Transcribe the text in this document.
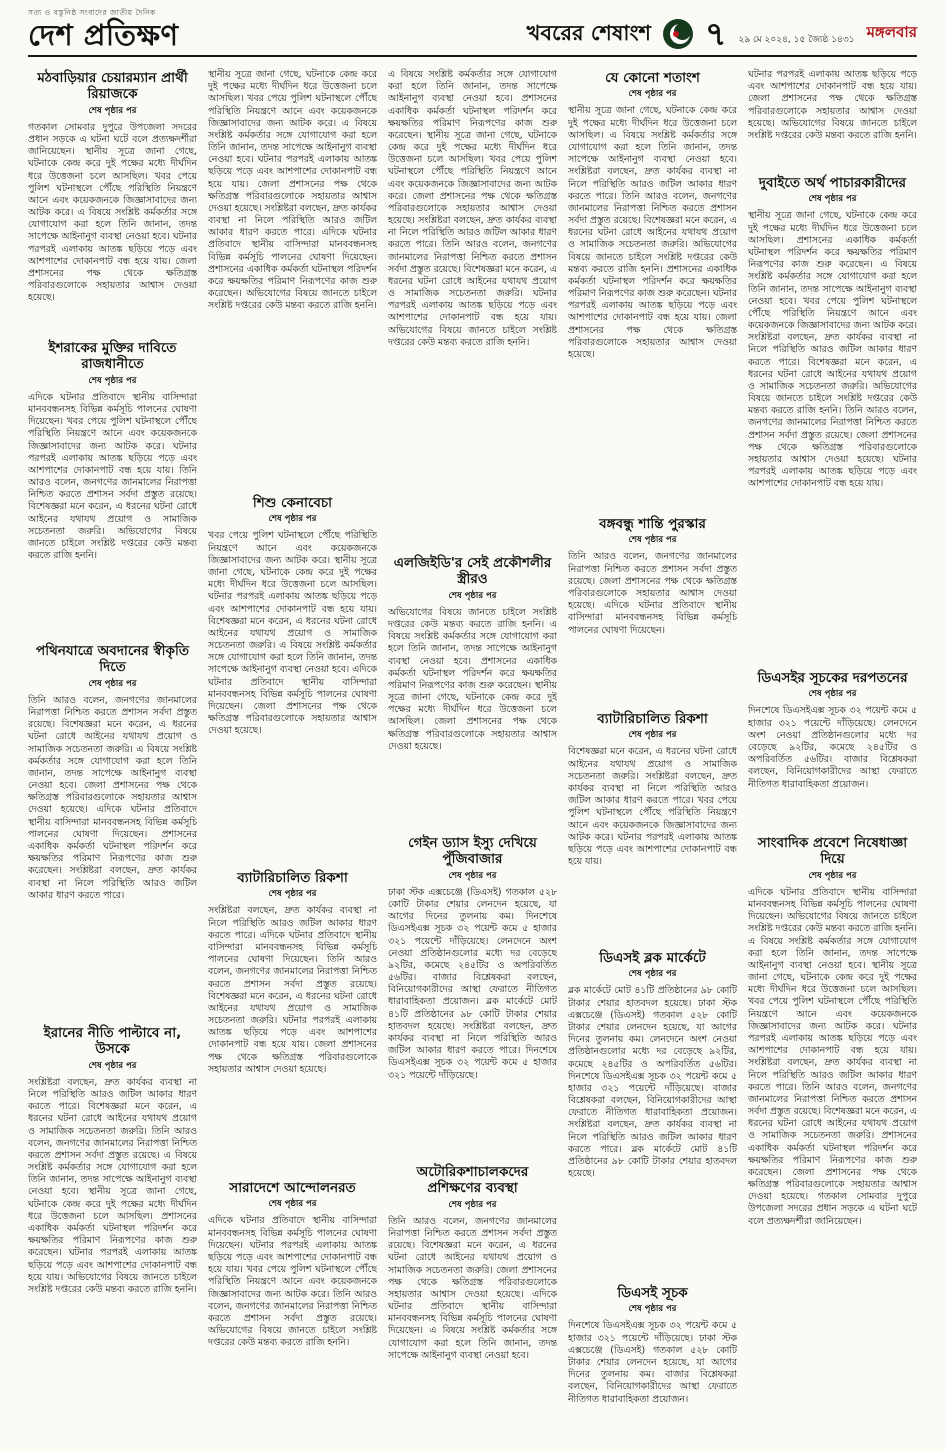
সত্য ও বস্তুনিষ্ঠ সংবাদের জাতীয় দৈনিক
দেশ প্রতিক্ষণ	খবরের শেষাংশ ৭ ২৯ মে ২০২৪, ১৫ জ্যৈষ্ঠ ১৪৩১ মঙ্গলবার
মঠবাড়িয়ার চেয়ারম্যান প্রার্থী রিয়াজকে
শেষ পৃষ্ঠার পর

গতকাল সোমবার দুপুরে উপজেলা সদরের প্রধান সড়কে এ ঘটনা ঘটে বলে প্রত্যক্ষদর্শীরা জানিয়েছেন। স্থানীয় সূত্রে জানা গেছে, ঘটনাকে কেন্দ্র করে দুই পক্ষের মধ্যে দীর্ঘদিন ধরে উত্তেজনা চলে আসছিল। খবর পেয়ে পুলিশ ঘটনাস্থলে পৌঁছে পরিস্থিতি নিয়ন্ত্রণে আনে এবং কয়েকজনকে জিজ্ঞাসাবাদের জন্য আটক করে। এ বিষয়ে সংশ্লিষ্ট কর্মকর্তার সঙ্গে যোগাযোগ করা হলে তিনি জানান, তদন্ত সাপেক্ষে আইনানুগ ব্যবস্থা নেওয়া হবে। ঘটনার পরপরই এলাকায় আতঙ্ক ছড়িয়ে পড়ে এবং আশপাশের দোকানপাট বন্ধ হয়ে যায়। জেলা প্রশাসনের পক্ষ থেকে ক্ষতিগ্রস্ত পরিবারগুলোকে সহায়তার আশ্বাস দেওয়া হয়েছে।

ইশরাকের মুক্তির দাবিতে রাজধানীতে
শেষ পৃষ্ঠার পর

এদিকে ঘটনার প্রতিবাদে স্থানীয় বাসিন্দারা মানববন্ধনসহ বিভিন্ন কর্মসূচি পালনের ঘোষণা দিয়েছেন। খবর পেয়ে পুলিশ ঘটনাস্থলে পৌঁছে পরিস্থিতি নিয়ন্ত্রণে আনে এবং কয়েকজনকে জিজ্ঞাসাবাদের জন্য আটক করে। ঘটনার পরপরই এলাকায় আতঙ্ক ছড়িয়ে পড়ে এবং আশপাশের দোকানপাট বন্ধ হয়ে যায়। তিনি আরও বলেন, জনগণের জানমালের নিরাপত্তা নিশ্চিত করতে প্রশাসন সর্বদা প্রস্তুত রয়েছে। বিশেষজ্ঞরা মনে করেন, এ ধরনের ঘটনা রোধে আইনের যথাযথ প্রয়োগ ও সামাজিক সচেতনতা জরুরি। অভিযোগের বিষয়ে জানতে চাইলে সংশ্লিষ্ট দপ্তরের কেউ মন্তব্য করতে রাজি হননি।

পথিনযাত্রে অবদানের স্বীকৃতি দিতে
শেষ পৃষ্ঠার পর

তিনি আরও বলেন, জনগণের জানমালের নিরাপত্তা নিশ্চিত করতে প্রশাসন সর্বদা প্রস্তুত রয়েছে। বিশেষজ্ঞরা মনে করেন, এ ধরনের ঘটনা রোধে আইনের যথাযথ প্রয়োগ ও সামাজিক সচেতনতা জরুরি। এ বিষয়ে সংশ্লিষ্ট কর্মকর্তার সঙ্গে যোগাযোগ করা হলে তিনি জানান, তদন্ত সাপেক্ষে আইনানুগ ব্যবস্থা নেওয়া হবে। জেলা প্রশাসনের পক্ষ থেকে ক্ষতিগ্রস্ত পরিবারগুলোকে সহায়তার আশ্বাস দেওয়া হয়েছে। এদিকে ঘটনার প্রতিবাদে স্থানীয় বাসিন্দারা মানববন্ধনসহ বিভিন্ন কর্মসূচি পালনের ঘোষণা দিয়েছেন। প্রশাসনের একাধিক কর্মকর্তা ঘটনাস্থল পরিদর্শন করে ক্ষয়ক্ষতির পরিমাণ নিরূপণের কাজ শুরু করেছেন। সংশ্লিষ্টরা বলছেন, দ্রুত কার্যকর ব্যবস্থা না নিলে পরিস্থিতি আরও জটিল আকার ধারণ করতে পারে।

ইরানের নীতি পাল্টাবে না, উসকে
শেষ পৃষ্ঠার পর

সংশ্লিষ্টরা বলছেন, দ্রুত কার্যকর ব্যবস্থা না নিলে পরিস্থিতি আরও জটিল আকার ধারণ করতে পারে। বিশেষজ্ঞরা মনে করেন, এ ধরনের ঘটনা রোধে আইনের যথাযথ প্রয়োগ ও সামাজিক সচেতনতা জরুরি। তিনি আরও বলেন, জনগণের জানমালের নিরাপত্তা নিশ্চিত করতে প্রশাসন সর্বদা প্রস্তুত রয়েছে। এ বিষয়ে সংশ্লিষ্ট কর্মকর্তার সঙ্গে যোগাযোগ করা হলে তিনি জানান, তদন্ত সাপেক্ষে আইনানুগ ব্যবস্থা নেওয়া হবে। স্থানীয় সূত্রে জানা গেছে, ঘটনাকে কেন্দ্র করে দুই পক্ষের মধ্যে দীর্ঘদিন ধরে উত্তেজনা চলে আসছিল। প্রশাসনের একাধিক কর্মকর্তা ঘটনাস্থল পরিদর্শন করে ক্ষয়ক্ষতির পরিমাণ নিরূপণের কাজ শুরু করেছেন। ঘটনার পরপরই এলাকায় আতঙ্ক ছড়িয়ে পড়ে এবং আশপাশের দোকানপাট বন্ধ হয়ে যায়। অভিযোগের বিষয়ে জানতে চাইলে সংশ্লিষ্ট দপ্তরের কেউ মন্তব্য করতে রাজি হননি।

স্থানীয় সূত্রে জানা গেছে, ঘটনাকে কেন্দ্র করে দুই পক্ষের মধ্যে দীর্ঘদিন ধরে উত্তেজনা চলে আসছিল। খবর পেয়ে পুলিশ ঘটনাস্থলে পৌঁছে পরিস্থিতি নিয়ন্ত্রণে আনে এবং কয়েকজনকে জিজ্ঞাসাবাদের জন্য আটক করে। এ বিষয়ে সংশ্লিষ্ট কর্মকর্তার সঙ্গে যোগাযোগ করা হলে তিনি জানান, তদন্ত সাপেক্ষে আইনানুগ ব্যবস্থা নেওয়া হবে। ঘটনার পরপরই এলাকায় আতঙ্ক ছড়িয়ে পড়ে এবং আশপাশের দোকানপাট বন্ধ হয়ে যায়। জেলা প্রশাসনের পক্ষ থেকে ক্ষতিগ্রস্ত পরিবারগুলোকে সহায়তার আশ্বাস দেওয়া হয়েছে। সংশ্লিষ্টরা বলছেন, দ্রুত কার্যকর ব্যবস্থা না নিলে পরিস্থিতি আরও জটিল আকার ধারণ করতে পারে। এদিকে ঘটনার প্রতিবাদে স্থানীয় বাসিন্দারা মানববন্ধনসহ বিভিন্ন কর্মসূচি পালনের ঘোষণা দিয়েছেন। প্রশাসনের একাধিক কর্মকর্তা ঘটনাস্থল পরিদর্শন করে ক্ষয়ক্ষতির পরিমাণ নিরূপণের কাজ শুরু করেছেন। অভিযোগের বিষয়ে জানতে চাইলে সংশ্লিষ্ট দপ্তরের কেউ মন্তব্য করতে রাজি হননি।

শিশু কেনাবেচা
শেষ পৃষ্ঠার পর

খবর পেয়ে পুলিশ ঘটনাস্থলে পৌঁছে পরিস্থিতি নিয়ন্ত্রণে আনে এবং কয়েকজনকে জিজ্ঞাসাবাদের জন্য আটক করে। স্থানীয় সূত্রে জানা গেছে, ঘটনাকে কেন্দ্র করে দুই পক্ষের মধ্যে দীর্ঘদিন ধরে উত্তেজনা চলে আসছিল। ঘটনার পরপরই এলাকায় আতঙ্ক ছড়িয়ে পড়ে এবং আশপাশের দোকানপাট বন্ধ হয়ে যায়। বিশেষজ্ঞরা মনে করেন, এ ধরনের ঘটনা রোধে আইনের যথাযথ প্রয়োগ ও সামাজিক সচেতনতা জরুরি। এ বিষয়ে সংশ্লিষ্ট কর্মকর্তার সঙ্গে যোগাযোগ করা হলে তিনি জানান, তদন্ত সাপেক্ষে আইনানুগ ব্যবস্থা নেওয়া হবে। এদিকে ঘটনার প্রতিবাদে স্থানীয় বাসিন্দারা মানববন্ধনসহ বিভিন্ন কর্মসূচি পালনের ঘোষণা দিয়েছেন। জেলা প্রশাসনের পক্ষ থেকে ক্ষতিগ্রস্ত পরিবারগুলোকে সহায়তার আশ্বাস দেওয়া হয়েছে।

ব্যাটারিচালিত রিকশা
শেষ পৃষ্ঠার পর

সংশ্লিষ্টরা বলছেন, দ্রুত কার্যকর ব্যবস্থা না নিলে পরিস্থিতি আরও জটিল আকার ধারণ করতে পারে। এদিকে ঘটনার প্রতিবাদে স্থানীয় বাসিন্দারা মানববন্ধনসহ বিভিন্ন কর্মসূচি পালনের ঘোষণা দিয়েছেন। তিনি আরও বলেন, জনগণের জানমালের নিরাপত্তা নিশ্চিত করতে প্রশাসন সর্বদা প্রস্তুত রয়েছে। বিশেষজ্ঞরা মনে করেন, এ ধরনের ঘটনা রোধে আইনের যথাযথ প্রয়োগ ও সামাজিক সচেতনতা জরুরি। ঘটনার পরপরই এলাকায় আতঙ্ক ছড়িয়ে পড়ে এবং আশপাশের দোকানপাট বন্ধ হয়ে যায়। জেলা প্রশাসনের পক্ষ থেকে ক্ষতিগ্রস্ত পরিবারগুলোকে সহায়তার আশ্বাস দেওয়া হয়েছে।

সারাদেশে আন্দোলনরত
শেষ পৃষ্ঠার পর

এদিকে ঘটনার প্রতিবাদে স্থানীয় বাসিন্দারা মানববন্ধনসহ বিভিন্ন কর্মসূচি পালনের ঘোষণা দিয়েছেন। ঘটনার পরপরই এলাকায় আতঙ্ক ছড়িয়ে পড়ে এবং আশপাশের দোকানপাট বন্ধ হয়ে যায়। খবর পেয়ে পুলিশ ঘটনাস্থলে পৌঁছে পরিস্থিতি নিয়ন্ত্রণে আনে এবং কয়েকজনকে জিজ্ঞাসাবাদের জন্য আটক করে। তিনি আরও বলেন, জনগণের জানমালের নিরাপত্তা নিশ্চিত করতে প্রশাসন সর্বদা প্রস্তুত রয়েছে। অভিযোগের বিষয়ে জানতে চাইলে সংশ্লিষ্ট দপ্তরের কেউ মন্তব্য করতে রাজি হননি।

এ বিষয়ে সংশ্লিষ্ট কর্মকর্তার সঙ্গে যোগাযোগ করা হলে তিনি জানান, তদন্ত সাপেক্ষে আইনানুগ ব্যবস্থা নেওয়া হবে। প্রশাসনের একাধিক কর্মকর্তা ঘটনাস্থল পরিদর্শন করে ক্ষয়ক্ষতির পরিমাণ নিরূপণের কাজ শুরু করেছেন। স্থানীয় সূত্রে জানা গেছে, ঘটনাকে কেন্দ্র করে দুই পক্ষের মধ্যে দীর্ঘদিন ধরে উত্তেজনা চলে আসছিল। খবর পেয়ে পুলিশ ঘটনাস্থলে পৌঁছে পরিস্থিতি নিয়ন্ত্রণে আনে এবং কয়েকজনকে জিজ্ঞাসাবাদের জন্য আটক করে। জেলা প্রশাসনের পক্ষ থেকে ক্ষতিগ্রস্ত পরিবারগুলোকে সহায়তার আশ্বাস দেওয়া হয়েছে। সংশ্লিষ্টরা বলছেন, দ্রুত কার্যকর ব্যবস্থা না নিলে পরিস্থিতি আরও জটিল আকার ধারণ করতে পারে। তিনি আরও বলেন, জনগণের জানমালের নিরাপত্তা নিশ্চিত করতে প্রশাসন সর্বদা প্রস্তুত রয়েছে। বিশেষজ্ঞরা মনে করেন, এ ধরনের ঘটনা রোধে আইনের যথাযথ প্রয়োগ ও সামাজিক সচেতনতা জরুরি। ঘটনার পরপরই এলাকায় আতঙ্ক ছড়িয়ে পড়ে এবং আশপাশের দোকানপাট বন্ধ হয়ে যায়। অভিযোগের বিষয়ে জানতে চাইলে সংশ্লিষ্ট দপ্তরের কেউ মন্তব্য করতে রাজি হননি।

এলজিইডি'র সেই প্রকৌশলীর স্ত্রীরও
শেষ পৃষ্ঠার পর

অভিযোগের বিষয়ে জানতে চাইলে সংশ্লিষ্ট দপ্তরের কেউ মন্তব্য করতে রাজি হননি। এ বিষয়ে সংশ্লিষ্ট কর্মকর্তার সঙ্গে যোগাযোগ করা হলে তিনি জানান, তদন্ত সাপেক্ষে আইনানুগ ব্যবস্থা নেওয়া হবে। প্রশাসনের একাধিক কর্মকর্তা ঘটনাস্থল পরিদর্শন করে ক্ষয়ক্ষতির পরিমাণ নিরূপণের কাজ শুরু করেছেন। স্থানীয় সূত্রে জানা গেছে, ঘটনাকে কেন্দ্র করে দুই পক্ষের মধ্যে দীর্ঘদিন ধরে উত্তেজনা চলে আসছিল। জেলা প্রশাসনের পক্ষ থেকে ক্ষতিগ্রস্ত পরিবারগুলোকে সহায়তার আশ্বাস দেওয়া হয়েছে।

গেইন ড্যাস ইস্যু দেখিয়ে পুঁজিবাজার
শেষ পৃষ্ঠার পর

ঢাকা স্টক এক্সচেঞ্জে (ডিএসই) গতকাল ৫২৮ কোটি টাকার শেয়ার লেনদেন হয়েছে, যা আগের দিনের তুলনায় কম। দিনশেষে ডিএসইএক্স সূচক ৩২ পয়েন্ট কমে ৫ হাজার ৩২১ পয়েন্টে দাঁড়িয়েছে। লেনদেনে অংশ নেওয়া প্রতিষ্ঠানগুলোর মধ্যে দর বেড়েছে ৯২টির, কমেছে ২৪৫টির ও অপরিবর্তিত ৫৬টির। বাজার বিশ্লেষকরা বলছেন, বিনিয়োগকারীদের আস্থা ফেরাতে নীতিগত ধারাবাহিকতা প্রয়োজন। ব্লক মার্কেটে মোট ৪১টি প্রতিষ্ঠানের ৯৮ কোটি টাকার শেয়ার হাতবদল হয়েছে। সংশ্লিষ্টরা বলছেন, দ্রুত কার্যকর ব্যবস্থা না নিলে পরিস্থিতি আরও জটিল আকার ধারণ করতে পারে। দিনশেষে ডিএসইএক্স সূচক ৩২ পয়েন্ট কমে ৫ হাজার ৩২১ পয়েন্টে দাঁড়িয়েছে।

অটোরিকশাচালকদের প্রশিক্ষণের ব্যবস্থা
শেষ পৃষ্ঠার পর

তিনি আরও বলেন, জনগণের জানমালের নিরাপত্তা নিশ্চিত করতে প্রশাসন সর্বদা প্রস্তুত রয়েছে। বিশেষজ্ঞরা মনে করেন, এ ধরনের ঘটনা রোধে আইনের যথাযথ প্রয়োগ ও সামাজিক সচেতনতা জরুরি। জেলা প্রশাসনের পক্ষ থেকে ক্ষতিগ্রস্ত পরিবারগুলোকে সহায়তার আশ্বাস দেওয়া হয়েছে। এদিকে ঘটনার প্রতিবাদে স্থানীয় বাসিন্দারা মানববন্ধনসহ বিভিন্ন কর্মসূচি পালনের ঘোষণা দিয়েছেন। এ বিষয়ে সংশ্লিষ্ট কর্মকর্তার সঙ্গে যোগাযোগ করা হলে তিনি জানান, তদন্ত সাপেক্ষে আইনানুগ ব্যবস্থা নেওয়া হবে।

যে কোনো শতাংশ
শেষ পৃষ্ঠার পর

স্থানীয় সূত্রে জানা গেছে, ঘটনাকে কেন্দ্র করে দুই পক্ষের মধ্যে দীর্ঘদিন ধরে উত্তেজনা চলে আসছিল। এ বিষয়ে সংশ্লিষ্ট কর্মকর্তার সঙ্গে যোগাযোগ করা হলে তিনি জানান, তদন্ত সাপেক্ষে আইনানুগ ব্যবস্থা নেওয়া হবে। সংশ্লিষ্টরা বলছেন, দ্রুত কার্যকর ব্যবস্থা না নিলে পরিস্থিতি আরও জটিল আকার ধারণ করতে পারে। তিনি আরও বলেন, জনগণের জানমালের নিরাপত্তা নিশ্চিত করতে প্রশাসন সর্বদা প্রস্তুত রয়েছে। বিশেষজ্ঞরা মনে করেন, এ ধরনের ঘটনা রোধে আইনের যথাযথ প্রয়োগ ও সামাজিক সচেতনতা জরুরি। অভিযোগের বিষয়ে জানতে চাইলে সংশ্লিষ্ট দপ্তরের কেউ মন্তব্য করতে রাজি হননি। প্রশাসনের একাধিক কর্মকর্তা ঘটনাস্থল পরিদর্শন করে ক্ষয়ক্ষতির পরিমাণ নিরূপণের কাজ শুরু করেছেন। ঘটনার পরপরই এলাকায় আতঙ্ক ছড়িয়ে পড়ে এবং আশপাশের দোকানপাট বন্ধ হয়ে যায়। জেলা প্রশাসনের পক্ষ থেকে ক্ষতিগ্রস্ত পরিবারগুলোকে সহায়তার আশ্বাস দেওয়া হয়েছে।

বঙ্গবন্ধু শান্তি পুরস্কার
শেষ পৃষ্ঠার পর

তিনি আরও বলেন, জনগণের জানমালের নিরাপত্তা নিশ্চিত করতে প্রশাসন সর্বদা প্রস্তুত রয়েছে। জেলা প্রশাসনের পক্ষ থেকে ক্ষতিগ্রস্ত পরিবারগুলোকে সহায়তার আশ্বাস দেওয়া হয়েছে। এদিকে ঘটনার প্রতিবাদে স্থানীয় বাসিন্দারা মানববন্ধনসহ বিভিন্ন কর্মসূচি পালনের ঘোষণা দিয়েছেন।

ব্যাটারিচালিত রিকশা
শেষ পৃষ্ঠার পর

বিশেষজ্ঞরা মনে করেন, এ ধরনের ঘটনা রোধে আইনের যথাযথ প্রয়োগ ও সামাজিক সচেতনতা জরুরি। সংশ্লিষ্টরা বলছেন, দ্রুত কার্যকর ব্যবস্থা না নিলে পরিস্থিতি আরও জটিল আকার ধারণ করতে পারে। খবর পেয়ে পুলিশ ঘটনাস্থলে পৌঁছে পরিস্থিতি নিয়ন্ত্রণে আনে এবং কয়েকজনকে জিজ্ঞাসাবাদের জন্য আটক করে। ঘটনার পরপরই এলাকায় আতঙ্ক ছড়িয়ে পড়ে এবং আশপাশের দোকানপাট বন্ধ হয়ে যায়।

ডিএসই ব্লক মার্কেটে
শেষ পৃষ্ঠার পর

ব্লক মার্কেটে মোট ৪১টি প্রতিষ্ঠানের ৯৮ কোটি টাকার শেয়ার হাতবদল হয়েছে। ঢাকা স্টক এক্সচেঞ্জে (ডিএসই) গতকাল ৫২৮ কোটি টাকার শেয়ার লেনদেন হয়েছে, যা আগের দিনের তুলনায় কম। লেনদেনে অংশ নেওয়া প্রতিষ্ঠানগুলোর মধ্যে দর বেড়েছে ৯২টির, কমেছে ২৪৫টির ও অপরিবর্তিত ৫৬টির। দিনশেষে ডিএসইএক্স সূচক ৩২ পয়েন্ট কমে ৫ হাজার ৩২১ পয়েন্টে দাঁড়িয়েছে। বাজার বিশ্লেষকরা বলছেন, বিনিয়োগকারীদের আস্থা ফেরাতে নীতিগত ধারাবাহিকতা প্রয়োজন। সংশ্লিষ্টরা বলছেন, দ্রুত কার্যকর ব্যবস্থা না নিলে পরিস্থিতি আরও জটিল আকার ধারণ করতে পারে। ব্লক মার্কেটে মোট ৪১টি প্রতিষ্ঠানের ৯৮ কোটি টাকার শেয়ার হাতবদল হয়েছে।

ডিএসই সূচক
শেষ পৃষ্ঠার পর

দিনশেষে ডিএসইএক্স সূচক ৩২ পয়েন্ট কমে ৫ হাজার ৩২১ পয়েন্টে দাঁড়িয়েছে। ঢাকা স্টক এক্সচেঞ্জে (ডিএসই) গতকাল ৫২৮ কোটি টাকার শেয়ার লেনদেন হয়েছে, যা আগের দিনের তুলনায় কম। বাজার বিশ্লেষকরা বলছেন, বিনিয়োগকারীদের আস্থা ফেরাতে নীতিগত ধারাবাহিকতা প্রয়োজন।

ঘটনার পরপরই এলাকায় আতঙ্ক ছড়িয়ে পড়ে এবং আশপাশের দোকানপাট বন্ধ হয়ে যায়। জেলা প্রশাসনের পক্ষ থেকে ক্ষতিগ্রস্ত পরিবারগুলোকে সহায়তার আশ্বাস দেওয়া হয়েছে। অভিযোগের বিষয়ে জানতে চাইলে সংশ্লিষ্ট দপ্তরের কেউ মন্তব্য করতে রাজি হননি।

দুবাইতে অর্থ পাচারকারীদের
শেষ পৃষ্ঠার পর

স্থানীয় সূত্রে জানা গেছে, ঘটনাকে কেন্দ্র করে দুই পক্ষের মধ্যে দীর্ঘদিন ধরে উত্তেজনা চলে আসছিল। প্রশাসনের একাধিক কর্মকর্তা ঘটনাস্থল পরিদর্শন করে ক্ষয়ক্ষতির পরিমাণ নিরূপণের কাজ শুরু করেছেন। এ বিষয়ে সংশ্লিষ্ট কর্মকর্তার সঙ্গে যোগাযোগ করা হলে তিনি জানান, তদন্ত সাপেক্ষে আইনানুগ ব্যবস্থা নেওয়া হবে। খবর পেয়ে পুলিশ ঘটনাস্থলে পৌঁছে পরিস্থিতি নিয়ন্ত্রণে আনে এবং কয়েকজনকে জিজ্ঞাসাবাদের জন্য আটক করে। সংশ্লিষ্টরা বলছেন, দ্রুত কার্যকর ব্যবস্থা না নিলে পরিস্থিতি আরও জটিল আকার ধারণ করতে পারে। বিশেষজ্ঞরা মনে করেন, এ ধরনের ঘটনা রোধে আইনের যথাযথ প্রয়োগ ও সামাজিক সচেতনতা জরুরি। অভিযোগের বিষয়ে জানতে চাইলে সংশ্লিষ্ট দপ্তরের কেউ মন্তব্য করতে রাজি হননি। তিনি আরও বলেন, জনগণের জানমালের নিরাপত্তা নিশ্চিত করতে প্রশাসন সর্বদা প্রস্তুত রয়েছে। জেলা প্রশাসনের পক্ষ থেকে ক্ষতিগ্রস্ত পরিবারগুলোকে সহায়তার আশ্বাস দেওয়া হয়েছে। ঘটনার পরপরই এলাকায় আতঙ্ক ছড়িয়ে পড়ে এবং আশপাশের দোকানপাট বন্ধ হয়ে যায়।

ডিএসইর সূচকের দরপতনের
শেষ পৃষ্ঠার পর

দিনশেষে ডিএসইএক্স সূচক ৩২ পয়েন্ট কমে ৫ হাজার ৩২১ পয়েন্টে দাঁড়িয়েছে। লেনদেনে অংশ নেওয়া প্রতিষ্ঠানগুলোর মধ্যে দর বেড়েছে ৯২টির, কমেছে ২৪৫টির ও অপরিবর্তিত ৫৬টির। বাজার বিশ্লেষকরা বলছেন, বিনিয়োগকারীদের আস্থা ফেরাতে নীতিগত ধারাবাহিকতা প্রয়োজন।

সাংবাদিক প্রবেশে নিষেধাজ্ঞা দিয়ে
শেষ পৃষ্ঠার পর

এদিকে ঘটনার প্রতিবাদে স্থানীয় বাসিন্দারা মানববন্ধনসহ বিভিন্ন কর্মসূচি পালনের ঘোষণা দিয়েছেন। অভিযোগের বিষয়ে জানতে চাইলে সংশ্লিষ্ট দপ্তরের কেউ মন্তব্য করতে রাজি হননি। এ বিষয়ে সংশ্লিষ্ট কর্মকর্তার সঙ্গে যোগাযোগ করা হলে তিনি জানান, তদন্ত সাপেক্ষে আইনানুগ ব্যবস্থা নেওয়া হবে। স্থানীয় সূত্রে জানা গেছে, ঘটনাকে কেন্দ্র করে দুই পক্ষের মধ্যে দীর্ঘদিন ধরে উত্তেজনা চলে আসছিল। খবর পেয়ে পুলিশ ঘটনাস্থলে পৌঁছে পরিস্থিতি নিয়ন্ত্রণে আনে এবং কয়েকজনকে জিজ্ঞাসাবাদের জন্য আটক করে। ঘটনার পরপরই এলাকায় আতঙ্ক ছড়িয়ে পড়ে এবং আশপাশের দোকানপাট বন্ধ হয়ে যায়। সংশ্লিষ্টরা বলছেন, দ্রুত কার্যকর ব্যবস্থা না নিলে পরিস্থিতি আরও জটিল আকার ধারণ করতে পারে। তিনি আরও বলেন, জনগণের জানমালের নিরাপত্তা নিশ্চিত করতে প্রশাসন সর্বদা প্রস্তুত রয়েছে। বিশেষজ্ঞরা মনে করেন, এ ধরনের ঘটনা রোধে আইনের যথাযথ প্রয়োগ ও সামাজিক সচেতনতা জরুরি। প্রশাসনের একাধিক কর্মকর্তা ঘটনাস্থল পরিদর্শন করে ক্ষয়ক্ষতির পরিমাণ নিরূপণের কাজ শুরু করেছেন। জেলা প্রশাসনের পক্ষ থেকে ক্ষতিগ্রস্ত পরিবারগুলোকে সহায়তার আশ্বাস দেওয়া হয়েছে। গতকাল সোমবার দুপুরে উপজেলা সদরের প্রধান সড়কে এ ঘটনা ঘটে বলে প্রত্যক্ষদর্শীরা জানিয়েছেন।
